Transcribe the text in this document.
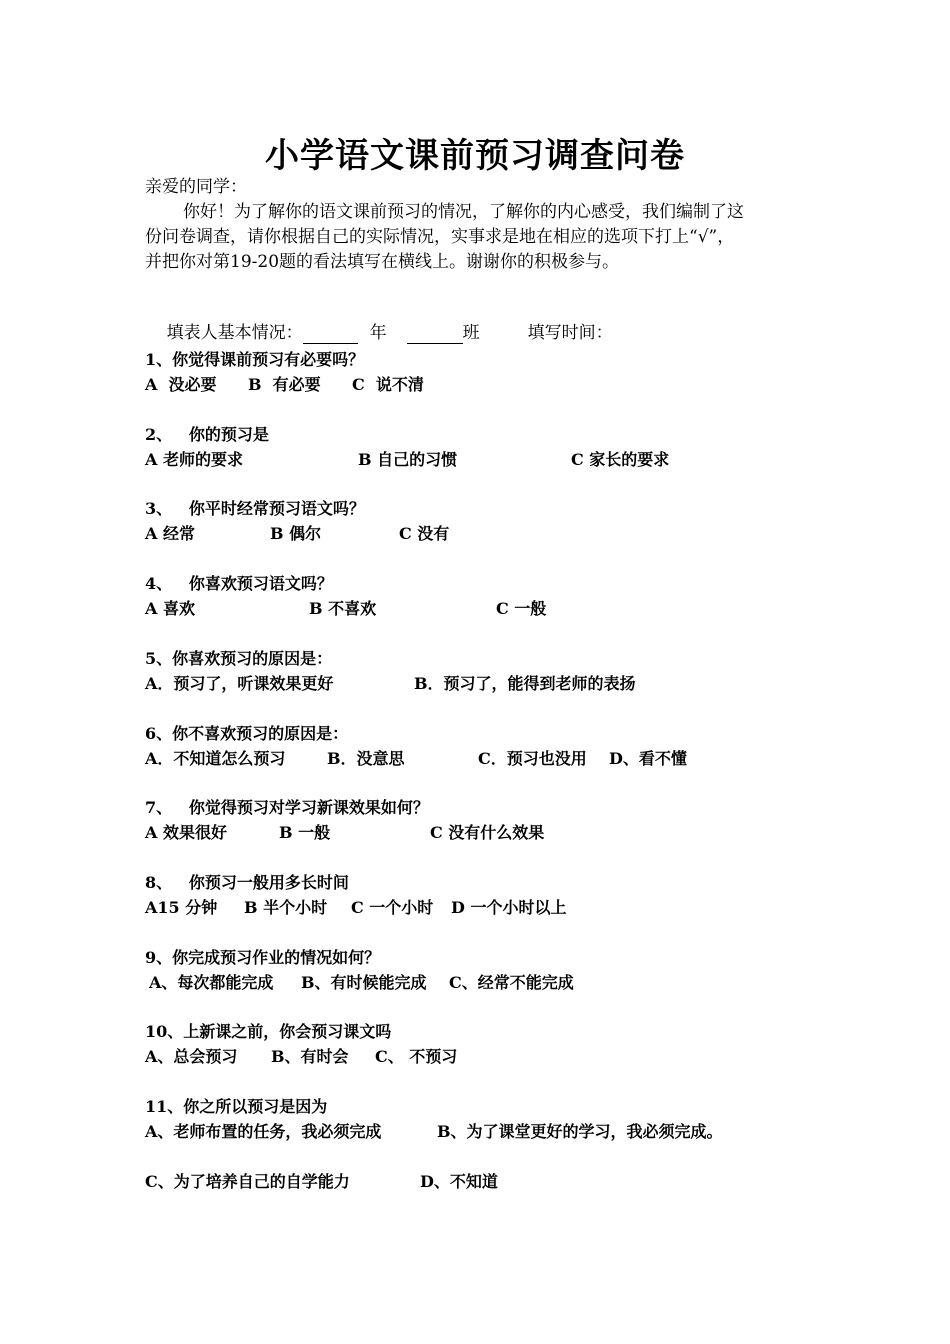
小学语文课前预习调查问卷
亲爱的同学：
你好！为了解你的语文课前预习的情况，了解你的内心感受，我们编制了这
份问卷调查，请你根据自己的实际情况，实事求是地在相应的选项下打上“√”，
并把你对第19-20题的看法填写在横线上。谢谢你的积极参与。

填表人基本情况：	年	班	填写时间：

1、你觉得课前预习有必要吗？
A  没必要 B  有必要 C  说不清
2、   你的预习是
A 老师的要求	B 自己的习惯	C 家长的要求
3、   你平时经常预习语文吗？
A 经常	B 偶尔	C 没有
4、   你喜欢预习语文吗？
A 喜欢	B 不喜欢	C 一般
5、你喜欢预习的原因是：
A．预习了，听课效果更好	B．预习了，能得到老师的表扬
6、你不喜欢预习的原因是：
A．不知道怎么预习	B．没意思	C．预习也没用 D、看不懂
7、   你觉得预习对学习新课效果如何？
A 效果很好	B 一般	C 没有什么效果
8、   你预习一般用多长时间
A15 分钟 B 半个小时 C 一个小时 D 一个小时以上
9、你完成预习作业的情况如何？
A、每次都能完成 B、有时候能完成 C、经常不能完成
10、上新课之前，你会预习课文吗
A、总会预习 B、有时会 C、 不预习
11、你之所以预习是因为
A、老师布置的任务，我必须完成	B、为了课堂更好的学习，我必须完成。
C、为了培养自己的自学能力	D、不知道
